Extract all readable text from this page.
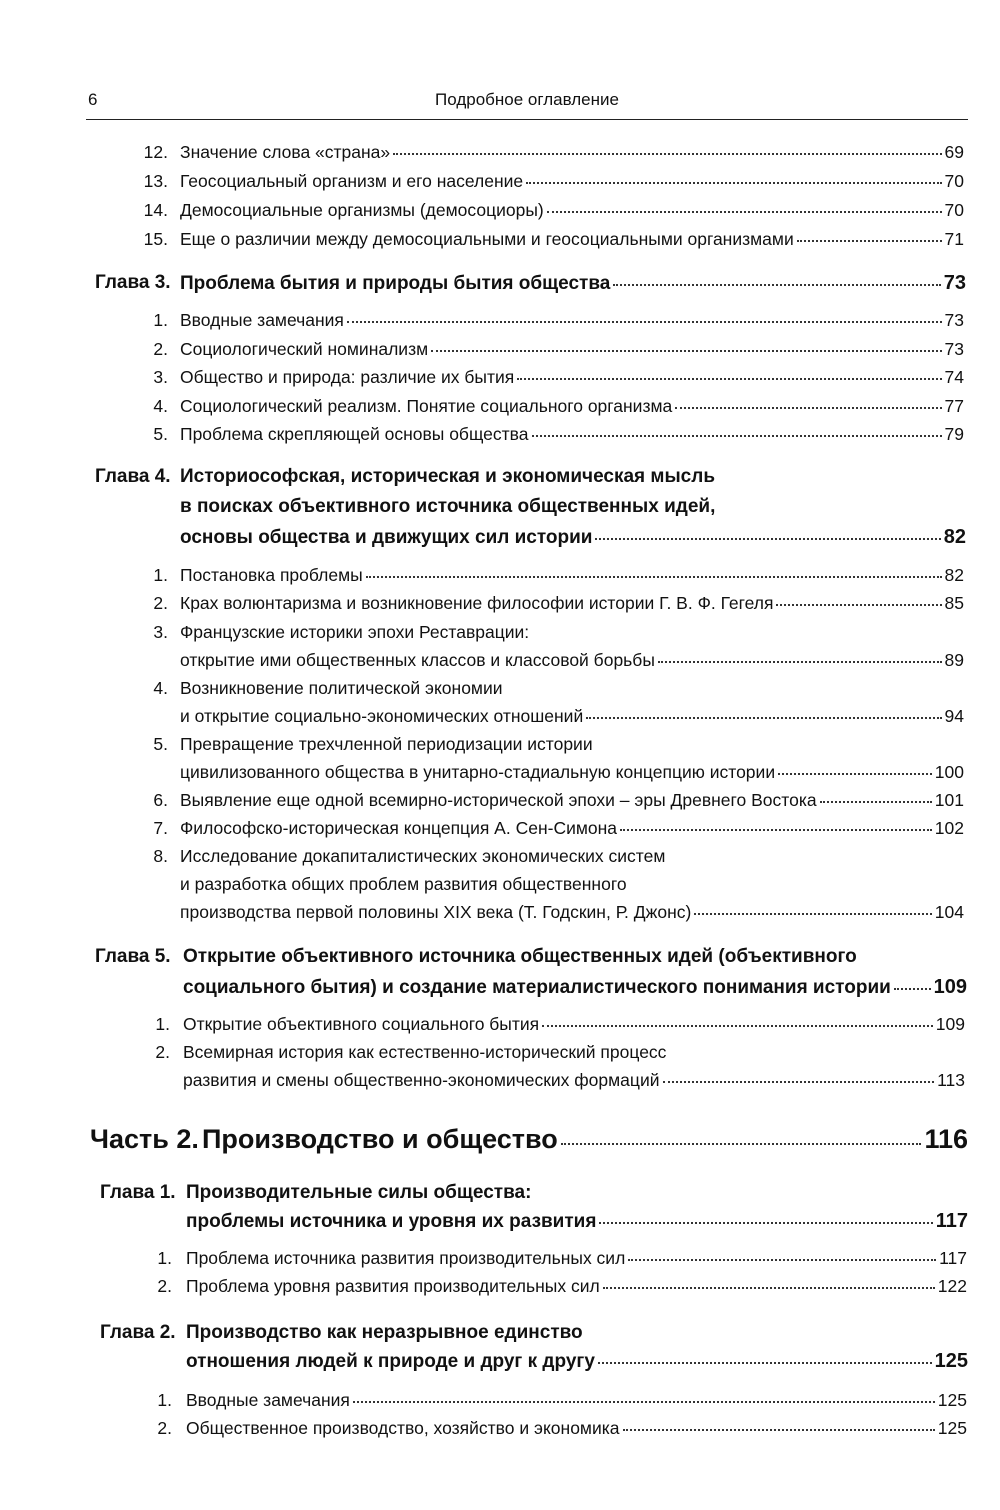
6	Подробное оглавление
12. Значение слова «страна»	69
13. Геосоциальный организм и его население	70
14. Демосоциальные организмы (демосоциоры)	70
15. Еще о различии между демосоциальными и геосоциальными организмами	71
Глава 3. Проблема бытия и природы бытия общества	73
1. Вводные замечания	73
2. Социологический номинализм	73
3. Общество и природа: различие их бытия	74
4. Социологический реализм. Понятие социального организма	77
5. Проблема скрепляющей основы общества	79
Глава 4. Историософская, историческая и экономическая мысль
в поисках объективного источника общественных идей,
основы общества и движущих сил истории	82
1. Постановка проблемы	82
2. Крах волюнтаризма и возникновение философии истории Г. В. Ф. Гегеля	85
3. Французские историки эпохи Реставрации:
открытие ими общественных классов и классовой борьбы	89
4. Возникновение политической экономии
и открытие социально-экономических отношений	94
5. Превращение трехчленной периодизации истории
цивилизованного общества в унитарно-стадиальную концепцию истории	100
6. Выявление еще одной всемирно-исторической эпохи – эры Древнего Востока	101
7. Философско-историческая концепция А. Сен-Симона	102
8. Исследование докапиталистических экономических систем
и разработка общих проблем развития общественного
производства первой половины XIX века (Т. Годскин, Р. Джонс)	104
Глава 5. Открытие объективного источника общественных идей (объективного
социального бытия) и создание материалистического понимания истории 109
1. Открытие объективного социального бытия	109
2. Всемирная история как естественно-исторический процесс
развития и смены общественно-экономических формаций	113
Часть 2. Производство и общество	116
Глава 1. Производительные силы общества:
проблемы источника и уровня их развития	117
1. Проблема источника развития производительных сил	117
2. Проблема уровня развития производительных сил	122
Глава 2. Производство как неразрывное единство
отношения людей к природе и друг к другу	125
1. Вводные замечания	125
2. Общественное производство, хозяйство и экономика	125
